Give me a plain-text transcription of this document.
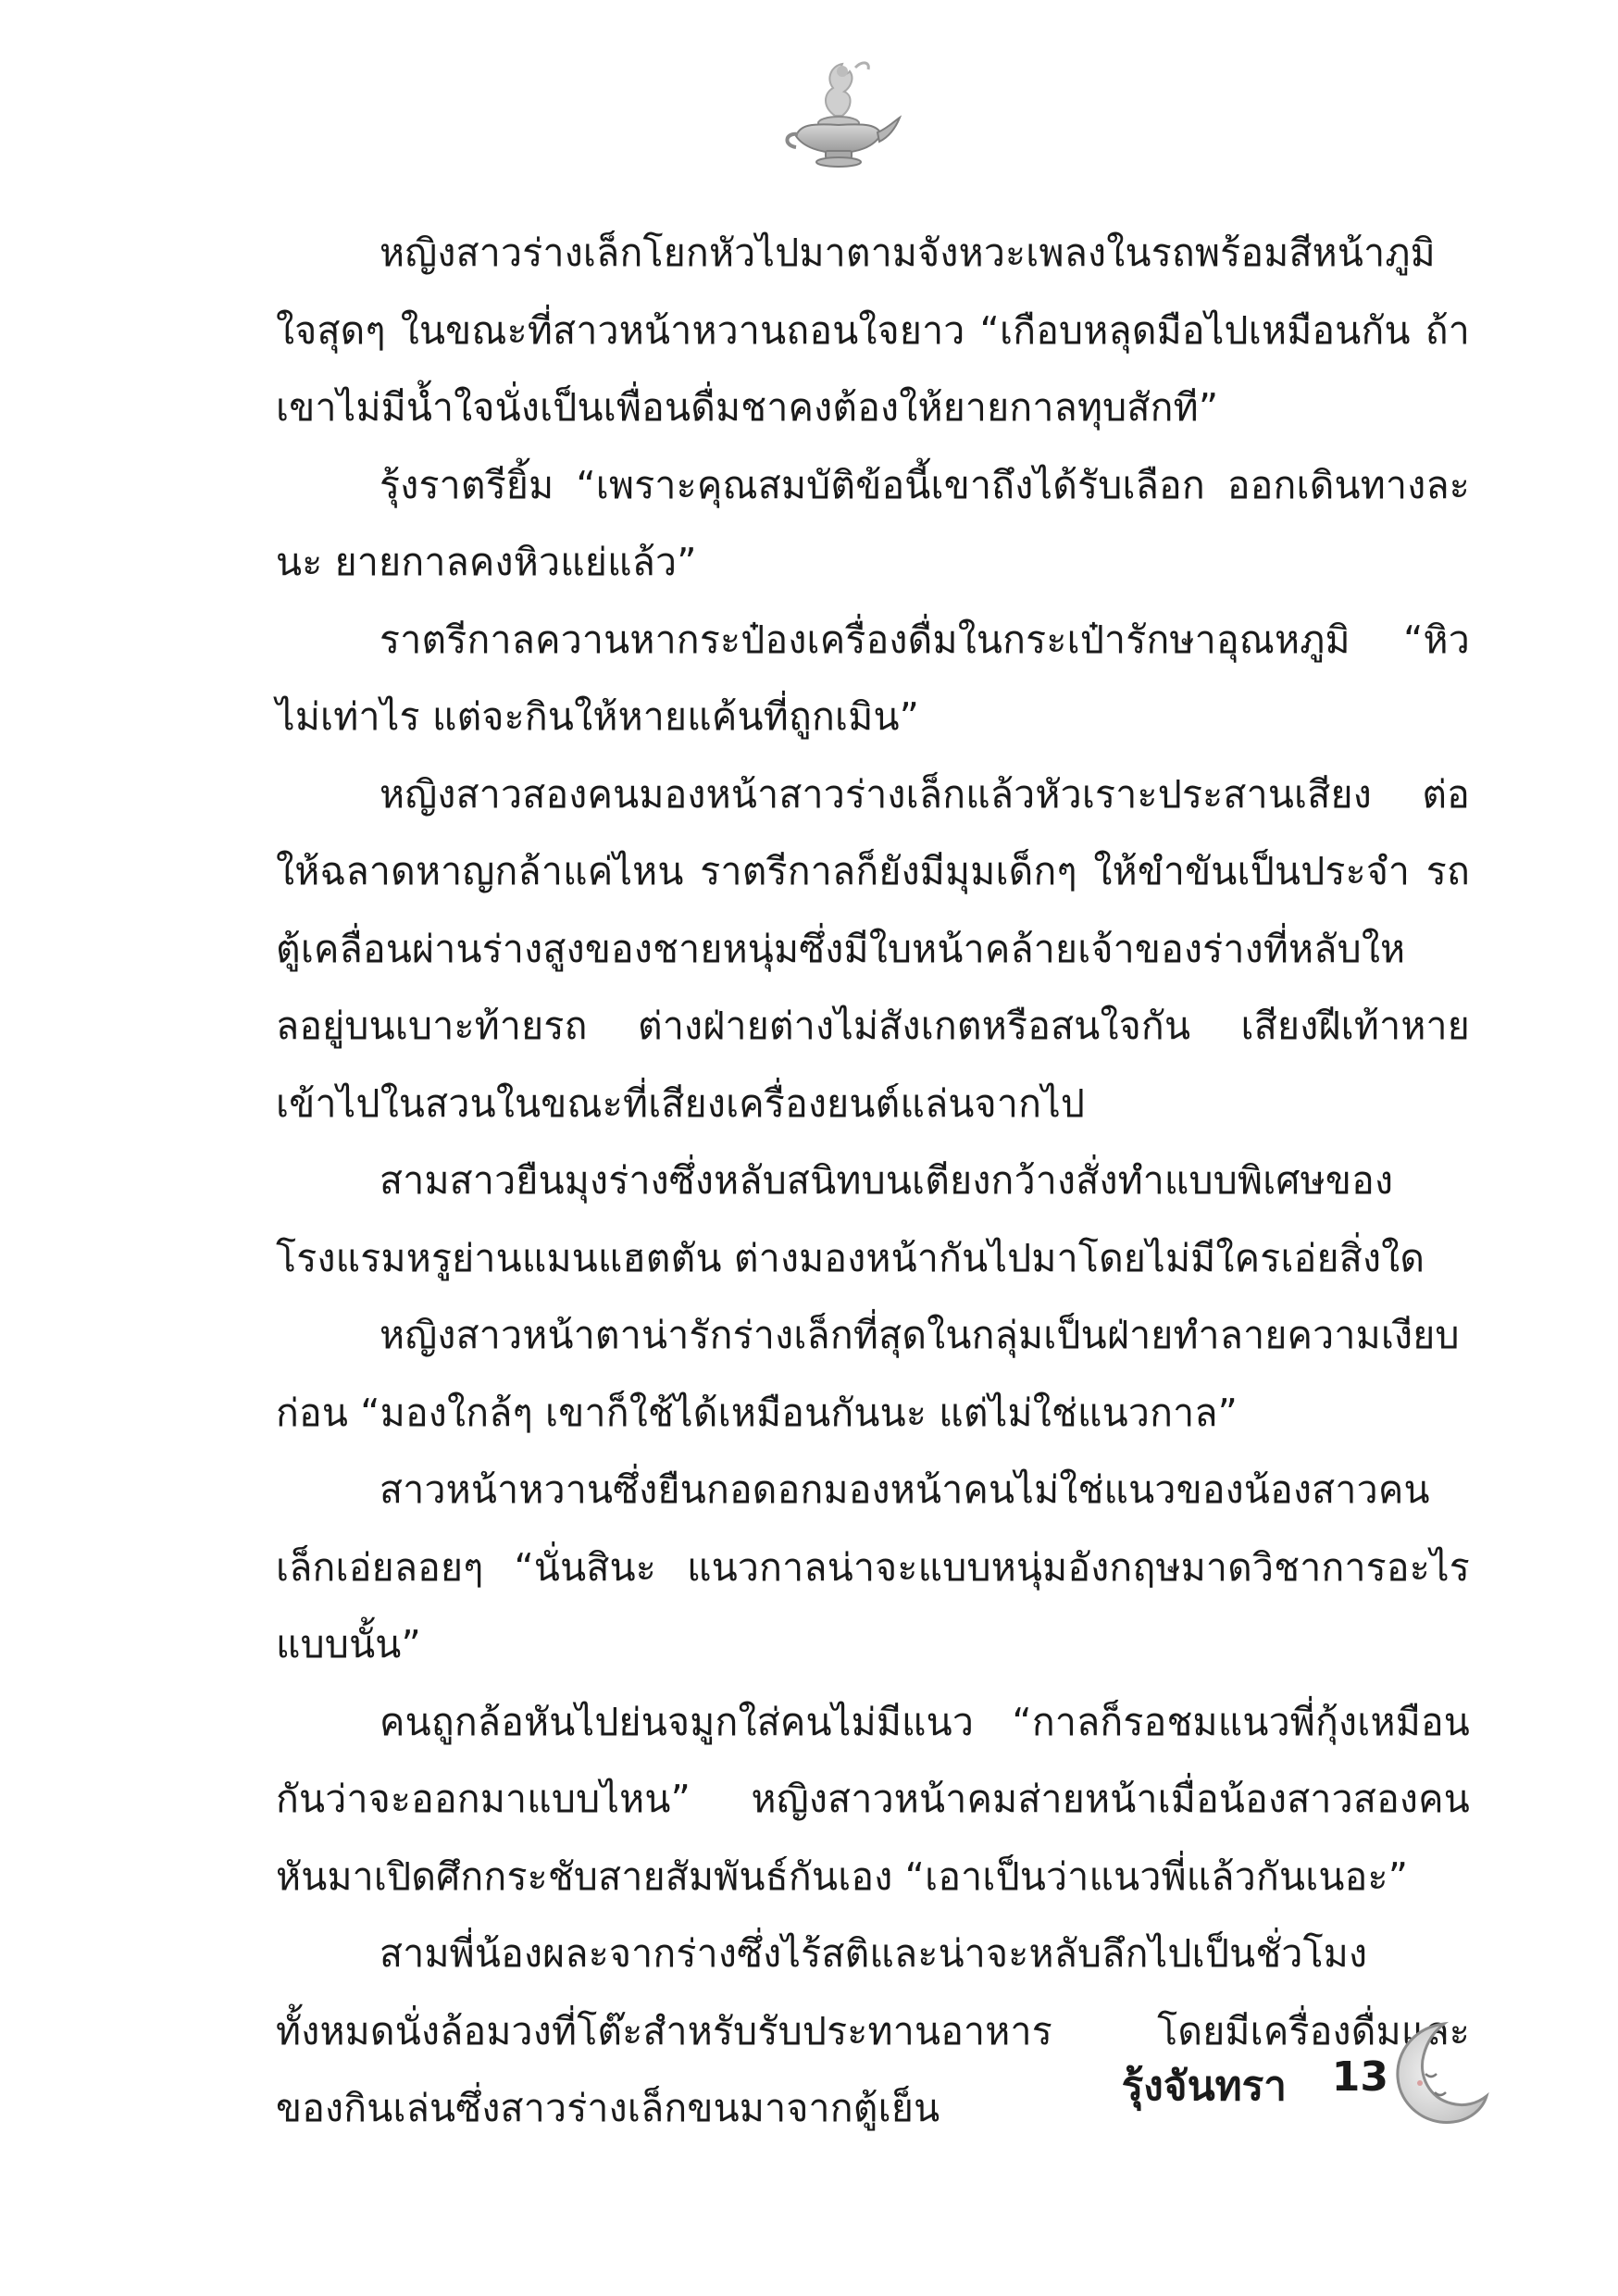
หญิงสาวร่างเล็กโยกหัวไปมาตามจังหวะเพลงในรถพร้อมสีหน้าภูมิใจสุดๆ ในขณะที่สาวหน้าหวานถอนใจยาว “เกือบหลุดมือไปเหมือนกัน ถ้าเขาไม่มีน้ำใจนั่งเป็นเพื่อนดื่มชาคงต้องให้ยายกาลทุบสักที”

รุ้งราตรียิ้ม “เพราะคุณสมบัติข้อนี้เขาถึงได้รับเลือก ออกเดินทางละนะ ยายกาลคงหิวแย่แล้ว”

ราตรีกาลควานหากระป๋องเครื่องดื่มในกระเป๋ารักษาอุณหภูมิ “หิวไม่เท่าไร แต่จะกินให้หายแค้นที่ถูกเมิน”

หญิงสาวสองคนมองหน้าสาวร่างเล็กแล้วหัวเราะประสานเสียง ต่อให้ฉลาดหาญกล้าแค่ไหน ราตรีกาลก็ยังมีมุมเด็กๆ ให้ขำขันเป็นประจำ รถตู้เคลื่อนผ่านร่างสูงของชายหนุ่มซึ่งมีใบหน้าคล้ายเจ้าของร่างที่หลับใหลอยู่บนเบาะท้ายรถ ต่างฝ่ายต่างไม่สังเกตหรือสนใจกัน เสียงฝีเท้าหายเข้าไปในสวนในขณะที่เสียงเครื่องยนต์แล่นจากไป

สามสาวยืนมุงร่างซึ่งหลับสนิทบนเตียงกว้างสั่งทำแบบพิเศษของโรงแรมหรูย่านแมนแฮตตัน ต่างมองหน้ากันไปมาโดยไม่มีใครเอ่ยสิ่งใด

หญิงสาวหน้าตาน่ารักร่างเล็กที่สุดในกลุ่มเป็นฝ่ายทำลายความเงียบก่อน “มองใกล้ๆ เขาก็ใช้ได้เหมือนกันนะ แต่ไม่ใช่แนวกาล”

สาวหน้าหวานซึ่งยืนกอดอกมองหน้าคนไม่ใช่แนวของน้องสาวคนเล็กเอ่ยลอยๆ “นั่นสินะ แนวกาลน่าจะแบบหนุ่มอังกฤษมาดวิชาการอะไรแบบนั้น”

คนถูกล้อหันไปย่นจมูกใส่คนไม่มีแนว “กาลก็รอชมแนวพี่กุ้งเหมือนกันว่าจะออกมาแบบไหน” หญิงสาวหน้าคมส่ายหน้าเมื่อน้องสาวสองคนหันมาเปิดศึกกระชับสายสัมพันธ์กันเอง “เอาเป็นว่าแนวพี่แล้วกันเนอะ”

สามพี่น้องผละจากร่างซึ่งไร้สติและน่าจะหลับลึกไปเป็นชั่วโมง ทั้งหมดนั่งล้อมวงที่โต๊ะสำหรับรับประทานอาหาร โดยมีเครื่องดื่มและของกินเล่นซึ่งสาวร่างเล็กขนมาจากตู้เย็น	รุ้งจันทรา 13
